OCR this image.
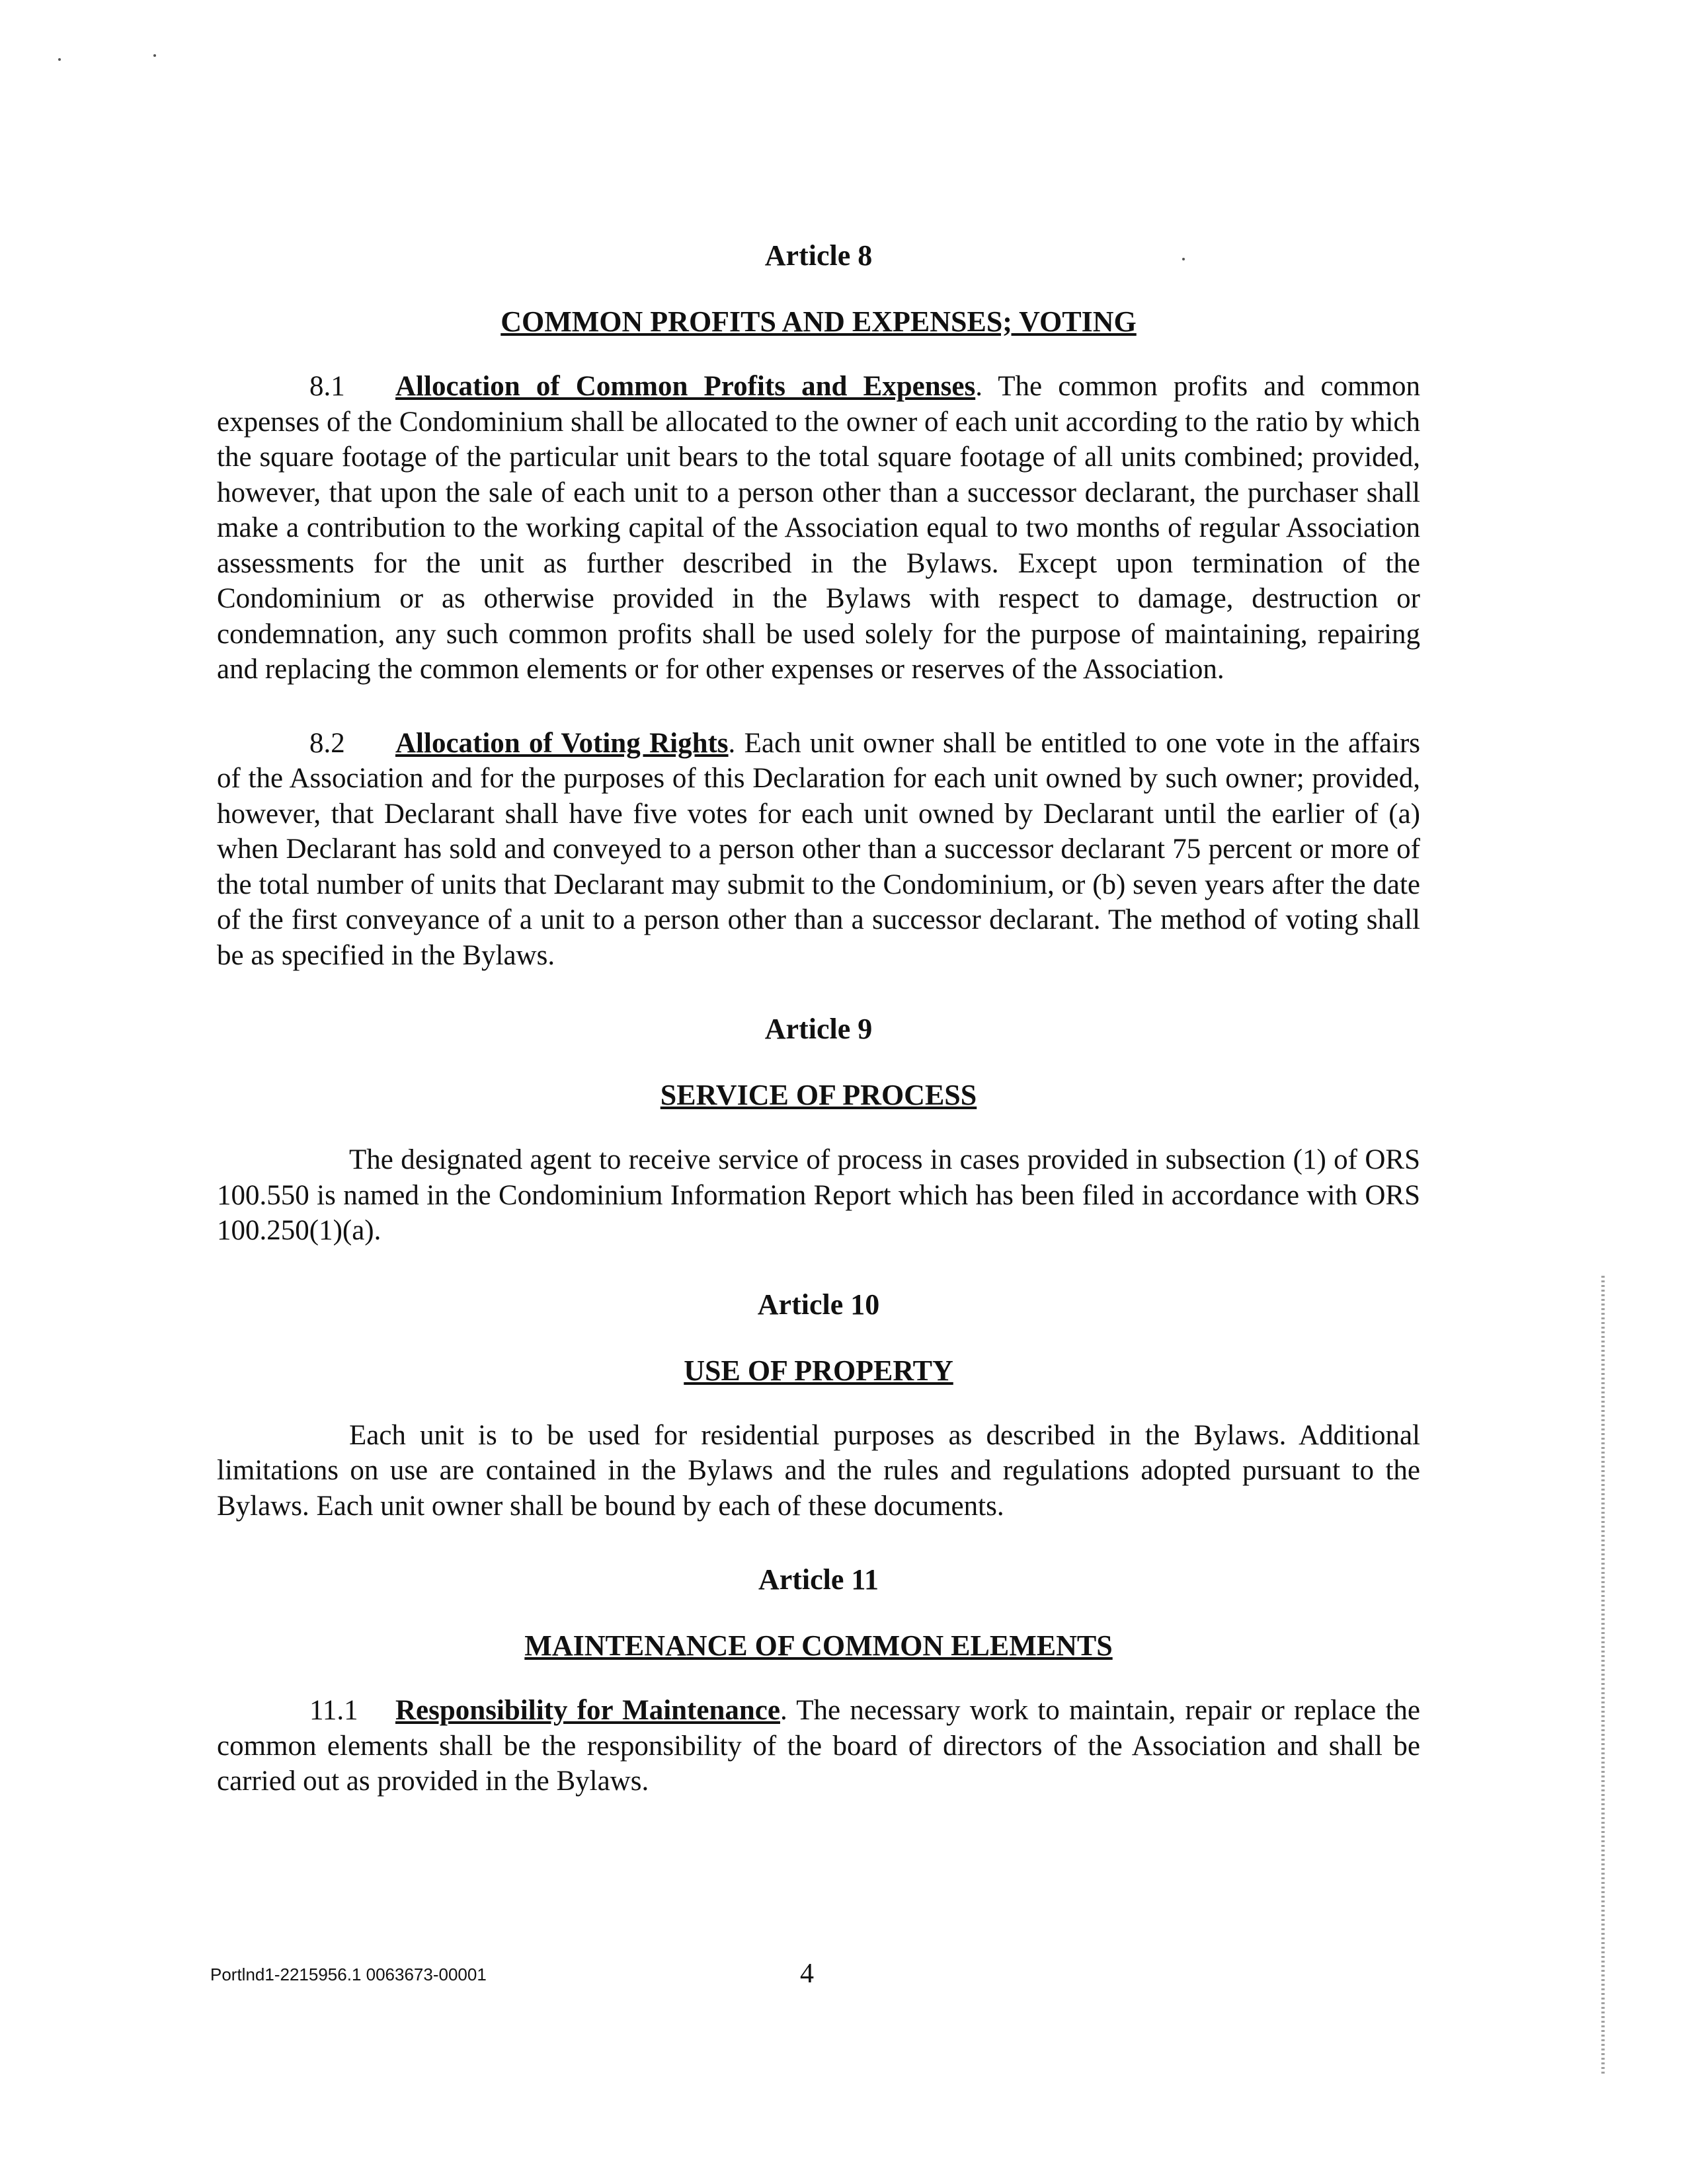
Article 8

COMMON PROFITS AND EXPENSES; VOTING

8.1 Allocation of Common Profits and Expenses. The common profits and common expenses of the Condominium shall be allocated to the owner of each unit according to the ratio by which the square footage of the particular unit bears to the total square footage of all units combined; provided, however, that upon the sale of each unit to a person other than a successor declarant, the purchaser shall make a contribution to the working capital of the Association equal to two months of regular Association assessments for the unit as further described in the Bylaws. Except upon termination of the Condominium or as otherwise provided in the Bylaws with respect to damage, destruction or condemnation, any such common profits shall be used solely for the purpose of maintaining, repairing and replacing the common elements or for other expenses or reserves of the Association.

8.2 Allocation of Voting Rights. Each unit owner shall be entitled to one vote in the affairs of the Association and for the purposes of this Declaration for each unit owned by such owner; provided, however, that Declarant shall have five votes for each unit owned by Declarant until the earlier of (a) when Declarant has sold and conveyed to a person other than a successor declarant 75 percent or more of the total number of units that Declarant may submit to the Condominium, or (b) seven years after the date of the first conveyance of a unit to a person other than a successor declarant. The method of voting shall be as specified in the Bylaws.

Article 9

SERVICE OF PROCESS

The designated agent to receive service of process in cases provided in subsection (1) of ORS 100.550 is named in the Condominium Information Report which has been filed in accordance with ORS 100.250(1)(a).

Article 10

USE OF PROPERTY

Each unit is to be used for residential purposes as described in the Bylaws. Additional limitations on use are contained in the Bylaws and the rules and regulations adopted pursuant to the Bylaws. Each unit owner shall be bound by each of these documents.

Article 11

MAINTENANCE OF COMMON ELEMENTS

11.1 Responsibility for Maintenance. The necessary work to maintain, repair or replace the common elements shall be the responsibility of the board of directors of the Association and shall be carried out as provided in the Bylaws.

Portlnd1-2215956.1 0063673-00001	4
